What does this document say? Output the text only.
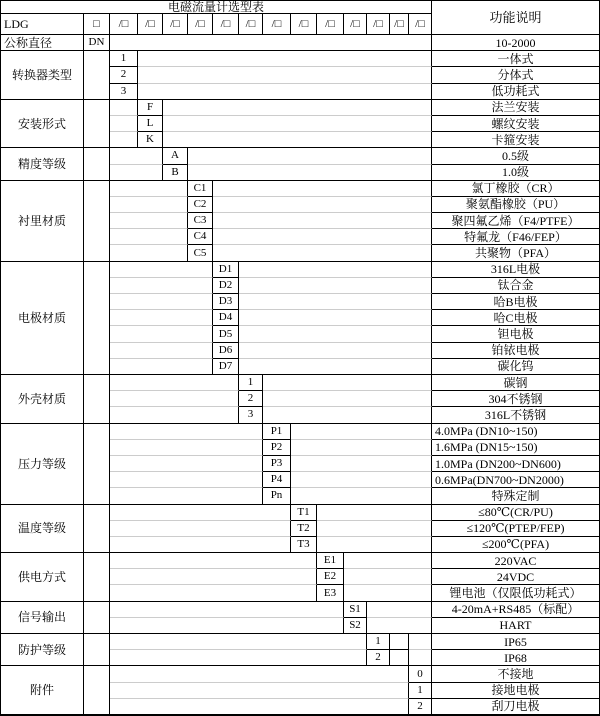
电磁流量计选型表
功能说明
LDG	□	/□	/□	/□	/□	/□	/□	/□	/□	/□	/□	/□	/□	/□
公称直径	DN	10-2000
转换器类型
1	一体式
2	分体式
3	低功耗式
安装形式
F	法兰安装
L	螺纹安装
K	卡箍安装
精度等级
A	0.5级
B	1.0级
衬里材质
C1	氯丁橡胶（CR）
C2	聚氨酯橡胶（PU）
C3	聚四氟乙烯（F4/PTFE）
C4	特氟龙（F46/FEP）
C5	共聚物（PFA）
电极材质
D1	316L电极
D2	钛合金
D3	哈B电极
D4	哈C电极
D5	钽电极
D6	铂铱电极
D7	碳化钨
外壳材质
1	碳钢
2	304不锈钢
3	316L不锈钢
压力等级
P1	4.0MPa (DN10~150)
P2	1.6MPa (DN15~150)
P3	1.0MPa (DN200~DN600)
P4	0.6MPa(DN700~DN2000)
Pn	特殊定制
温度等级
T1	≤80℃(CR/PU)
T2	≤120℃(PTEP/FEP)
T3	≤200℃(PFA)
供电方式
E1	220VAC
E2	24VDC
E3	锂电池（仅限低功耗式）
信号输出
S1	4-20mA+RS485（标配）
S2	HART
防护等级
1	IP65
2	IP68
附件
0	不接地
1	接地电极
2	刮刀电极
